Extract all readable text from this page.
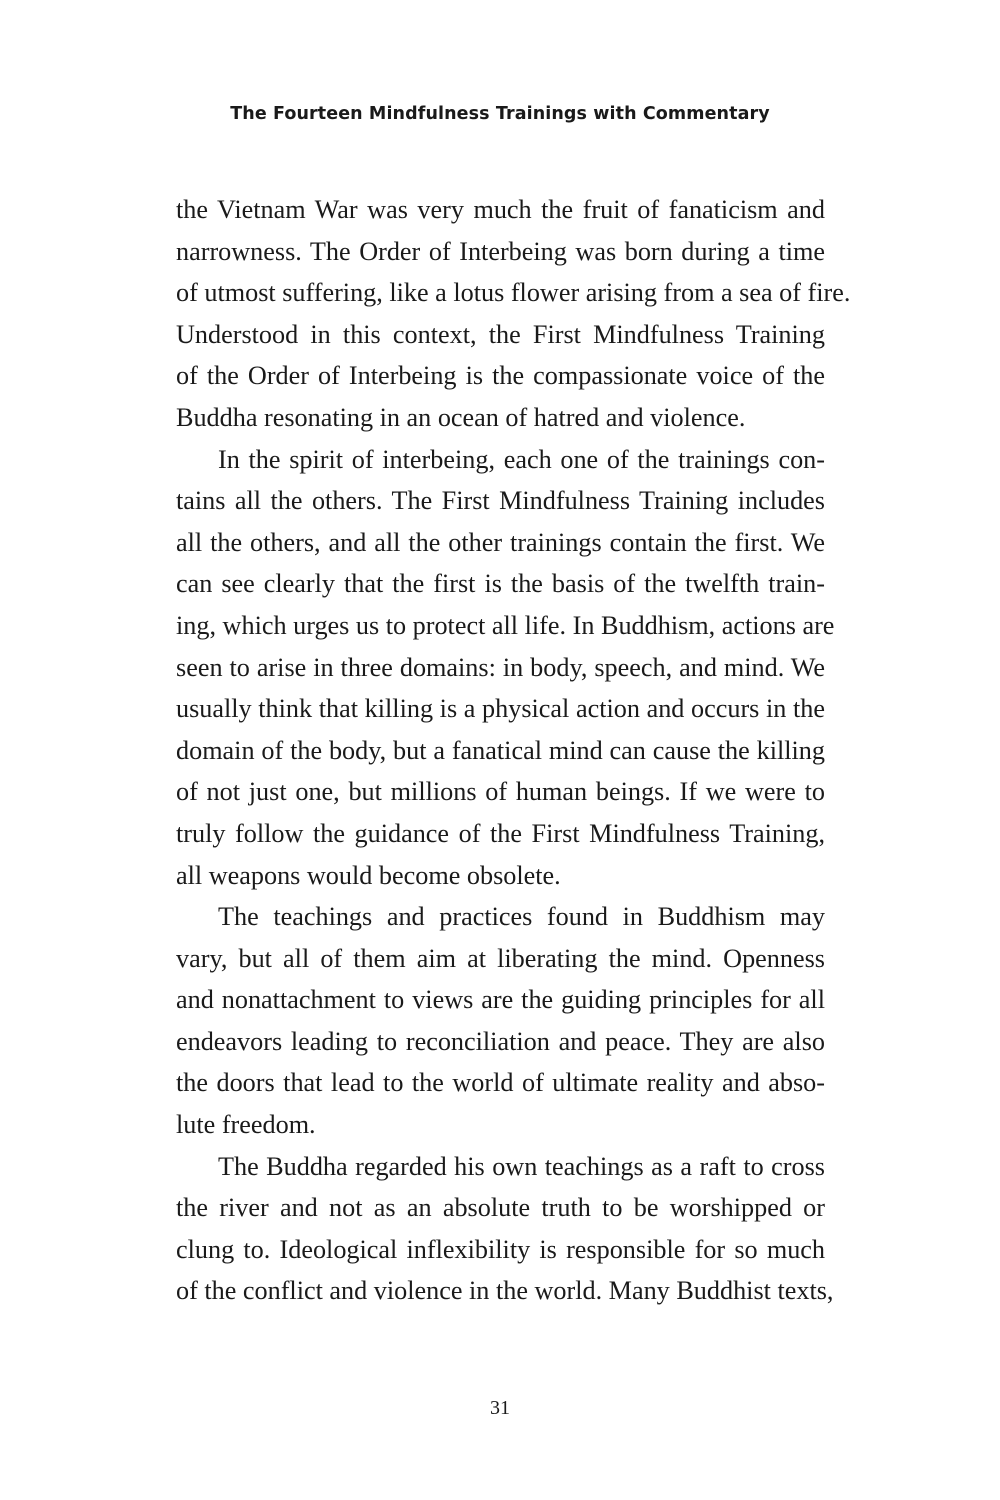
The Fourteen Mindfulness Trainings with Commentary
the Vietnam War was very much the fruit of fanaticism and
narrowness. The Order of Interbeing was born during a time
of utmost suffering, like a lotus flower arising from a sea of fire.
Understood in this context, the First Mindfulness Training
of the Order of Interbeing is the compassionate voice of the
Buddha resonating in an ocean of hatred and violence.
In the spirit of interbeing, each one of the trainings con-
tains all the others. The First Mindfulness Training includes
all the others, and all the other trainings contain the first. We
can see clearly that the first is the basis of the twelfth train-
ing, which urges us to protect all life. In Buddhism, actions are
seen to arise in three domains: in body, speech, and mind. We
usually think that killing is a physical action and occurs in the
domain of the body, but a fanatical mind can cause the killing
of not just one, but millions of human beings. If we were to
truly follow the guidance of the First Mindfulness Training,
all weapons would become obsolete.
The teachings and practices found in Buddhism may
vary, but all of them aim at liberating the mind. Openness
and nonattachment to views are the guiding principles for all
endeavors leading to reconciliation and peace. They are also
the doors that lead to the world of ultimate reality and abso-
lute freedom.
The Buddha regarded his own teachings as a raft to cross
the river and not as an absolute truth to be worshipped or
clung to. Ideological inflexibility is responsible for so much
of the conflict and violence in the world. Many Buddhist texts,
31
